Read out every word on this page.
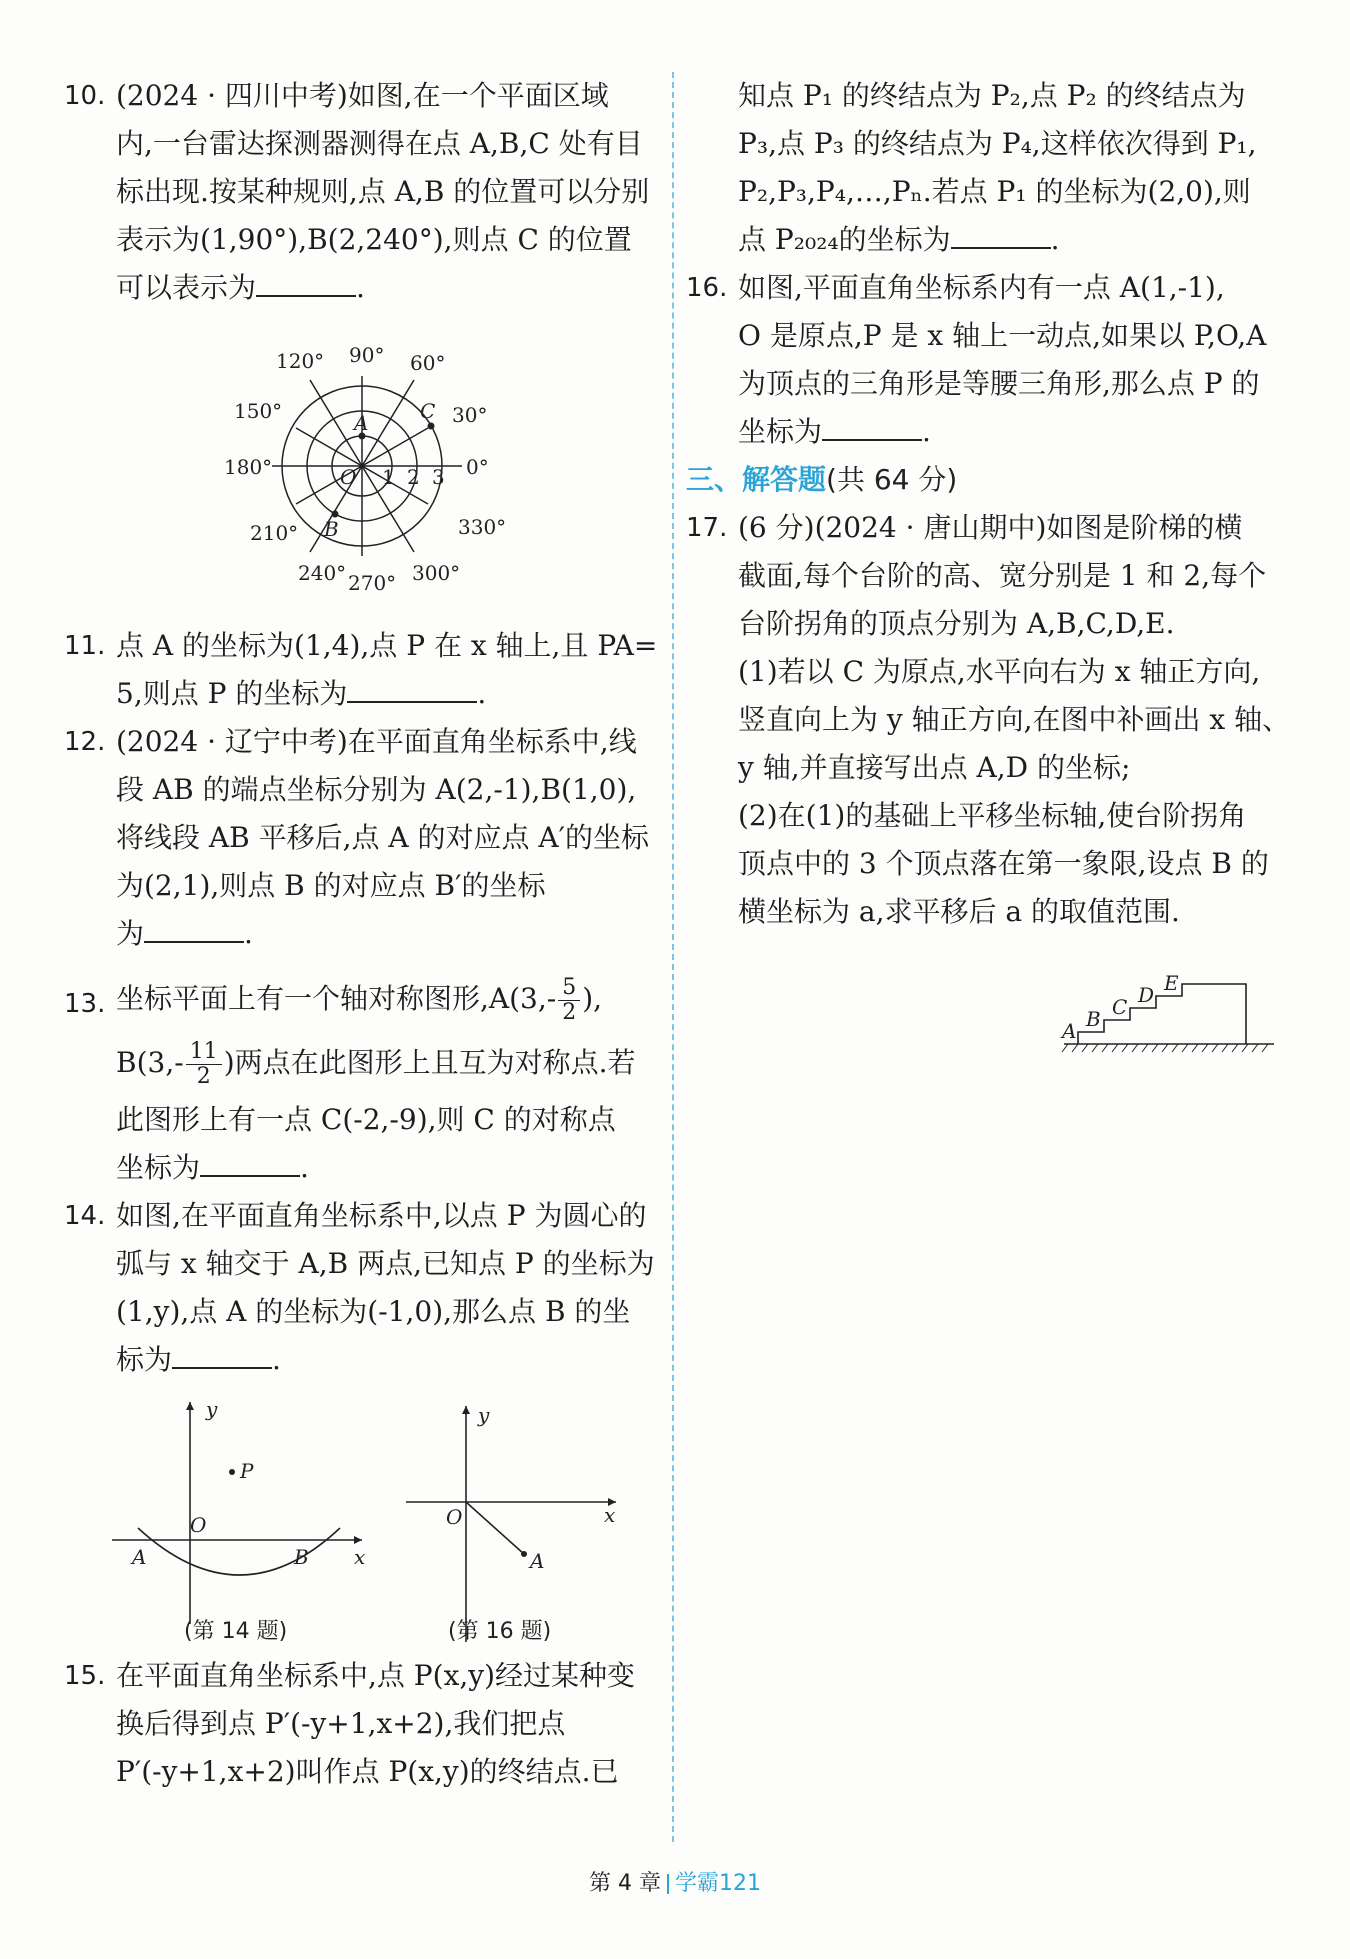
10. (2024 · 四川中考)如图,在一个平面区域

内,一台雷达探测器测得在点 A,B,C 处有目

标出现.按某种规则,点 A,B 的位置可以分别

表示为(1,90°),B(2,240°),则点 C 的位置

可以表示为	.

120° 90° 60°
150°	30°
180°	0°
210°	330°
240° 270° 300°
1 2 3
O
A
B
C
11. 点 A 的坐标为(1,4),点 P 在 x 轴上,且 PA=

5,则点 P 的坐标为	.

12. (2024 · 辽宁中考)在平面直角坐标系中,线

段 AB 的端点坐标分别为 A(2,-1),B(1,0),

将线段 AB 平移后,点 A 的对应点 A′的坐标

为(2,1),则点 B 的对应点 B′的坐标

为	.

13. 坐标平面上有一个轴对称图形$,A(3,- \frac{5}{2}$ ),

$B(3,- \frac{11}{2}$ )两点在此图形上且互为对称点.若

此图形上有一点 C(-2,-9),则 C 的对称点

坐标为	.

14. 如图,在平面直角坐标系中,以点 P 为圆心的

弧与 x 轴交于 A,B 两点,已知点 P 的坐标为

(1,y),点 A 的坐标为(-1,0),那么点 B 的坐

标为	.

y
x
O
P
A	B
y
x
O
A
(第 14 题)	(第 16 题)
15. 在平面直角坐标系中,点 P(x,y)经过某种变

换后得到点 P′(-y+1,x+2),我们把点

P′(-y+1,x+2)叫作点 P(x,y)的终结点.已

知点 P₁ 的终结点为 P₂,点 P₂ 的终结点为

P₃,点 P₃ 的终结点为 P₄,这样依次得到 P₁,

P₂,P₃,P₄,…,Pₙ.若点 P₁ 的坐标为(2,0),则

点 P₂₀₂₄的坐标为	.

16. 如图,平面直角坐标系内有一点 A(1,-1),

O 是原点,P 是 x 轴上一动点,如果以 P,O,A

为顶点的三角形是等腰三角形,那么点 P 的

坐标为	.

三、解答题(共 64 分)

17. (6 分)(2024 · 唐山期中)如图是阶梯的横

截面,每个台阶的高、宽分别是 1 和 2,每个

台阶拐角的顶点分别为 A,B,C,D,E.

(1)若以 C 为原点,水平向右为 x 轴正方向,

竖直向上为 y 轴正方向,在图中补画出 x 轴、

y 轴,并直接写出点 A,D 的坐标;

(2)在(1)的基础上平移坐标轴,使台阶拐角

顶点中的 3 个顶点落在第一象限,设点 B 的

横坐标为 a,求平移后 a 的取值范围.

A B C D E
第 4 章 学霸121
